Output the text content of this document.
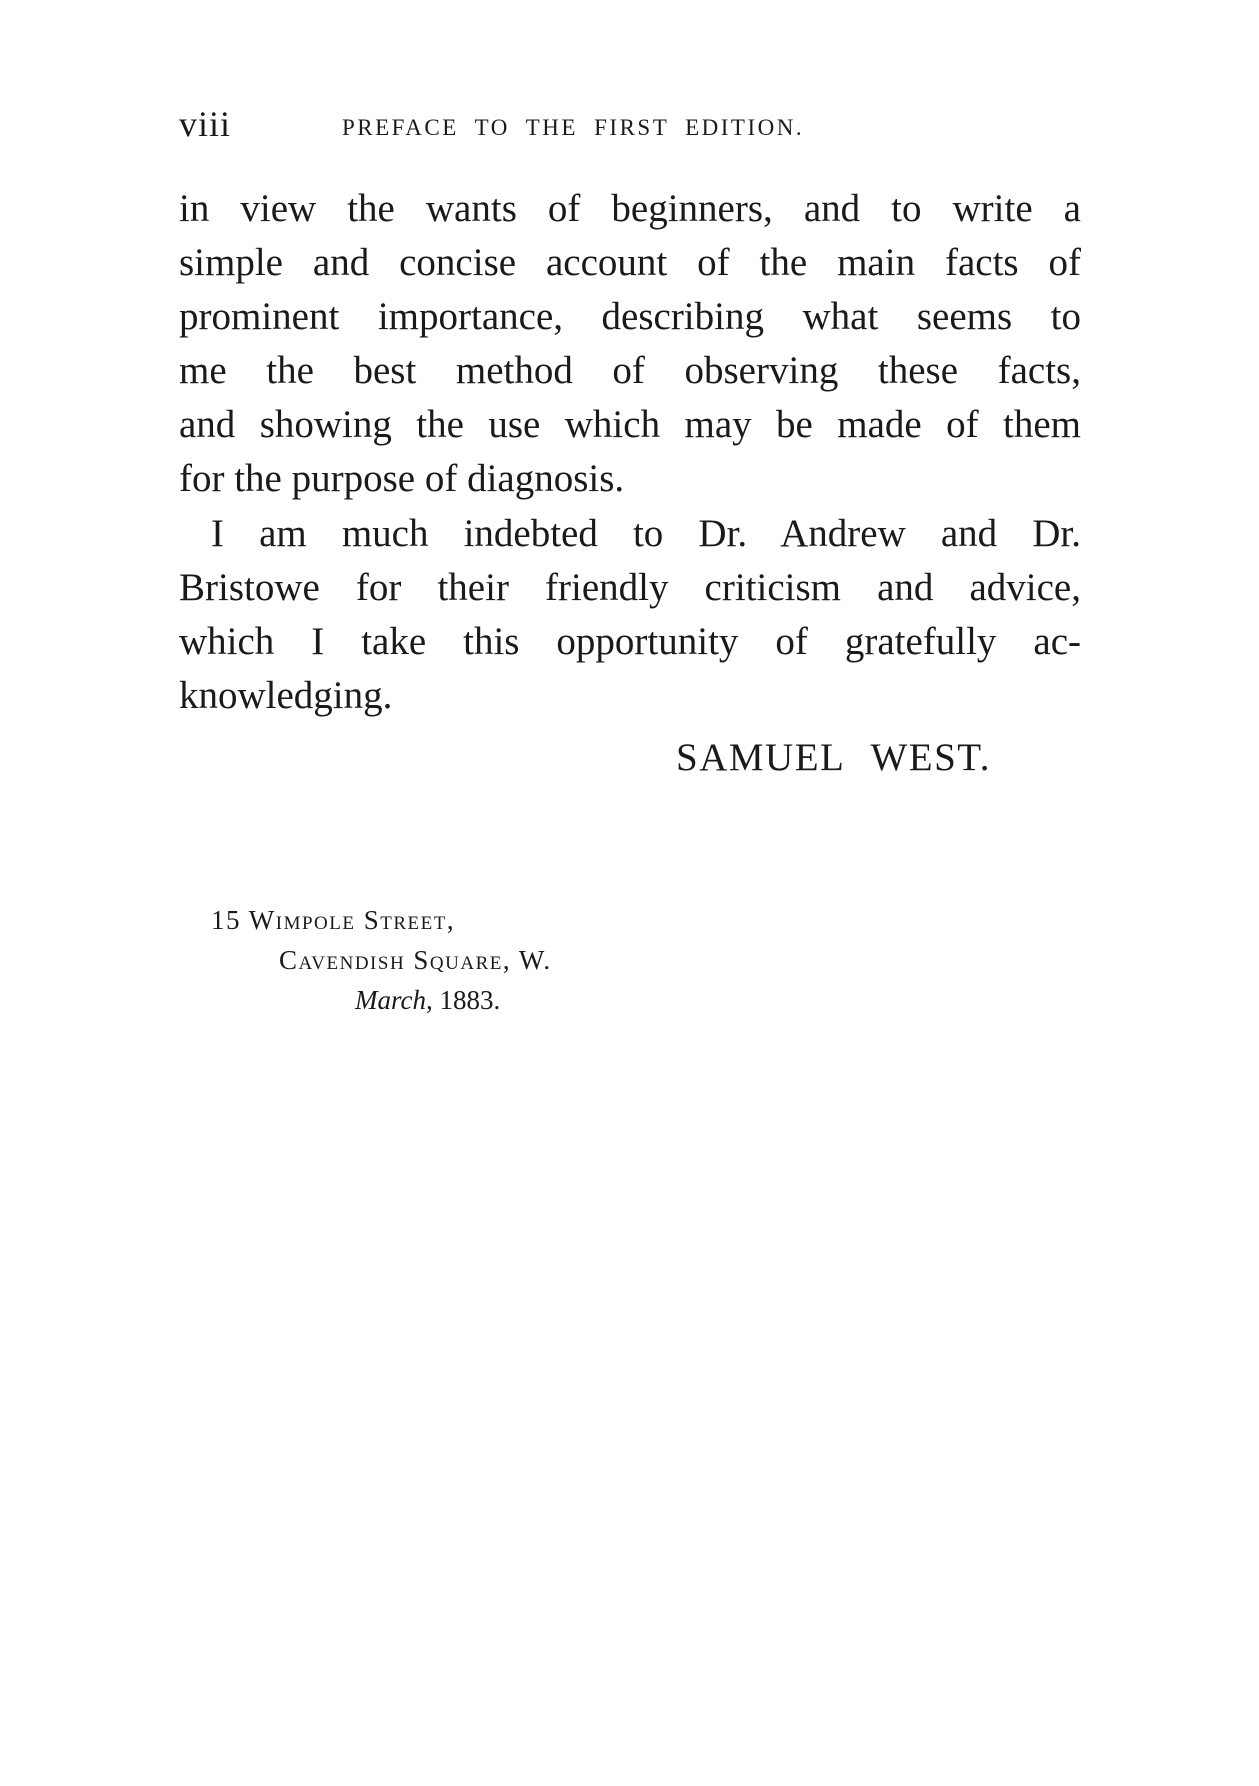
viii	PREFACE TO THE FIRST EDITION.
in view the wants of beginners, and to write a
simple and concise account of the main facts of
prominent importance, describing what seems to
me the best method of observing these facts,
and showing the use which may be made of them
for the purpose of diagnosis.
I am much indebted to Dr. Andrew and Dr.
Bristowe for their friendly criticism and advice,
which I take this opportunity of gratefully ac-
knowledging.
SAMUEL WEST.
15 Wimpole Street,
Cavendish Square, W.
March, 1883.
